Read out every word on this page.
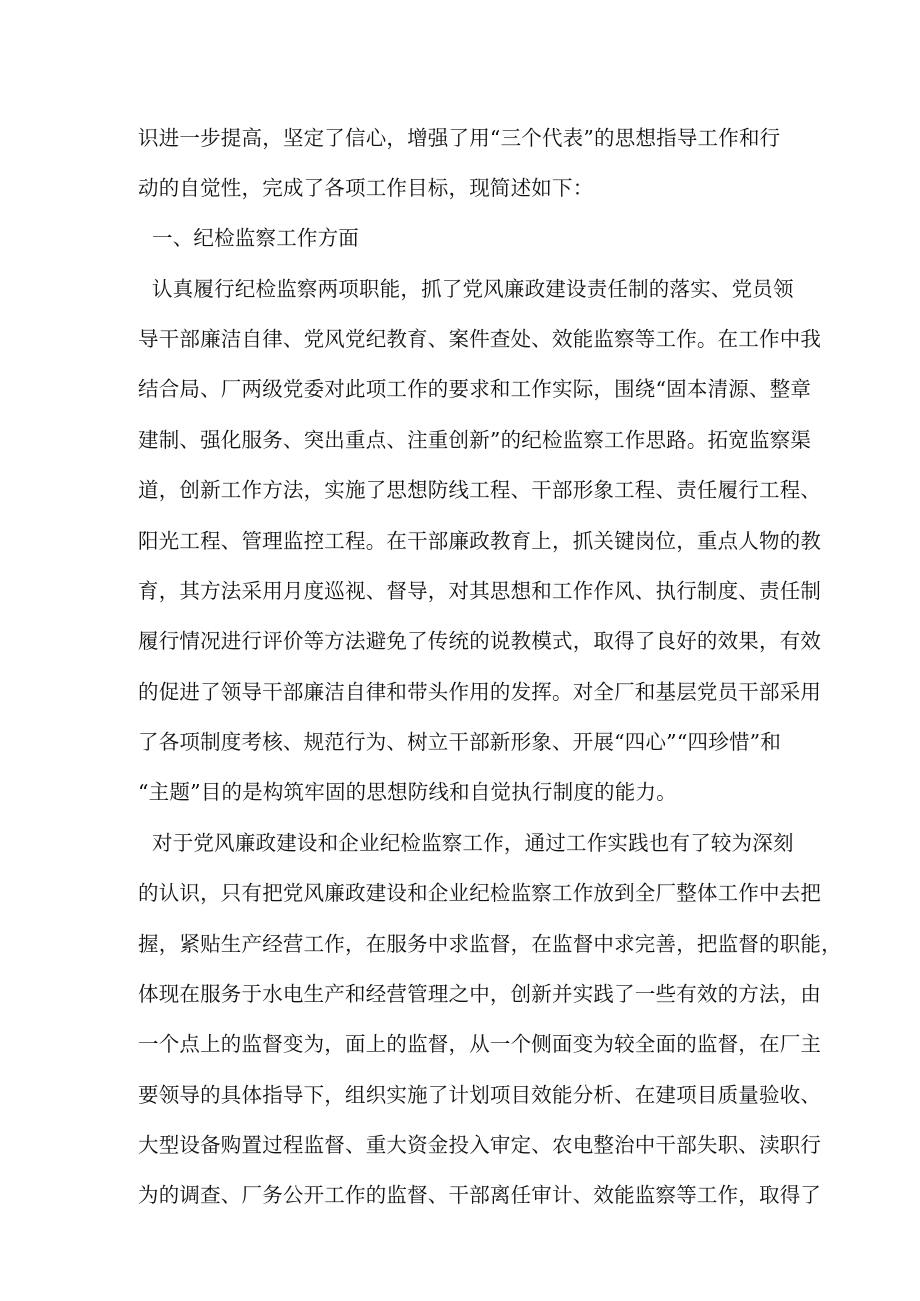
识进一步提高，坚定了信心，增强了用“三个代表”的思想指导工作和行
动的自觉性，完成了各项工作目标，现简述如下：
一、纪检监察工作方面
认真履行纪检监察两项职能，抓了党风廉政建设责任制的落实、党员领
导干部廉洁自律、党风党纪教育、案件查处、效能监察等工作。在工作中我
结合局、厂两级党委对此项工作的要求和工作实际，围绕“固本清源、整章
建制、强化服务、突出重点、注重创新”的纪检监察工作思路。拓宽监察渠
道，创新工作方法，实施了思想防线工程、干部形象工程、责任履行工程、
阳光工程、管理监控工程。在干部廉政教育上，抓关键岗位，重点人物的教
育，其方法采用月度巡视、督导，对其思想和工作作风、执行制度、责任制
履行情况进行评价等方法避免了传统的说教模式，取得了良好的效果，有效
的促进了领导干部廉洁自律和带头作用的发挥。对全厂和基层党员干部采用
了各项制度考核、规范行为、树立干部新形象、开展“四心”“四珍惜”和
“主题”目的是构筑牢固的思想防线和自觉执行制度的能力。
对于党风廉政建设和企业纪检监察工作，通过工作实践也有了较为深刻
的认识，只有把党风廉政建设和企业纪检监察工作放到全厂整体工作中去把
握，紧贴生产经营工作，在服务中求监督，在监督中求完善，把监督的职能，
体现在服务于水电生产和经营管理之中，创新并实践了一些有效的方法，由
一个点上的监督变为，面上的监督，从一个侧面变为较全面的监督，在厂主
要领导的具体指导下，组织实施了计划项目效能分析、在建项目质量验收、
大型设备购置过程监督、重大资金投入审定、农电整治中干部失职、渎职行
为的调查、厂务公开工作的监督、干部离任审计、效能监察等工作，取得了
